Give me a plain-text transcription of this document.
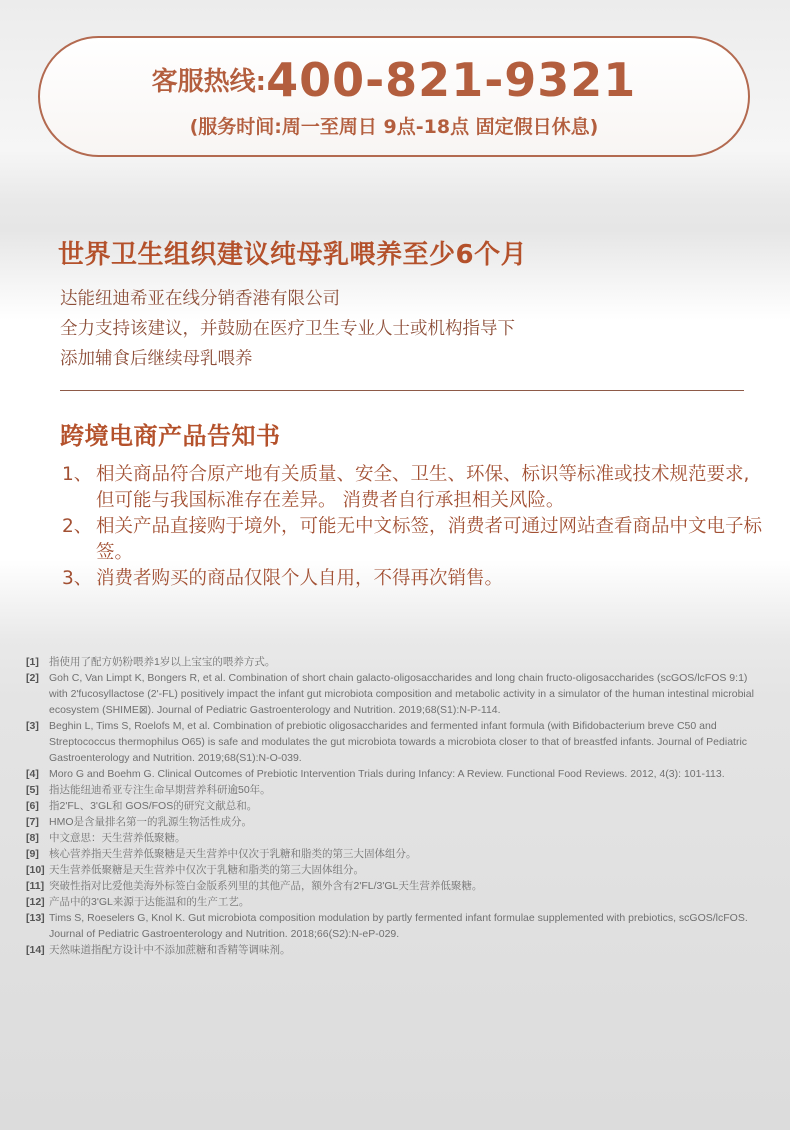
客服热线:400-821-9321
(服务时间:周一至周日 9点-18点 固定假日休息)
世界卫生组织建议纯母乳喂养至少6个月
达能纽迪希亚在线分销香港有限公司
全力支持该建议，并鼓励在医疗卫生专业人士或机构指导下
添加辅食后继续母乳喂养
跨境电商产品告知书
1、 相关商品符合原产地有关质量、安全、卫生、环保、标识等标准或技术规范要求,但可能与我国标准存在差异。 消费者自行承担相关风险。
2、 相关产品直接购于境外，可能无中文标签，消费者可通过网站查看商品中文电子标签。
3、 消费者购买的商品仅限个人自用，不得再次销售。
[1] 指使用了配方奶粉喂养1岁以上宝宝的喂养方式。
[2] Goh C, Van Limpt K, Bongers R, et al. Combination of short chain galacto-oligosaccharides and long chain fructo-oligosaccharides (scGOS/lcFOS 9:1) with 2'fucosyllactose (2'-FL) positively impact the infant gut microbiota composition and metabolic activity in a simulator of the human intestinal microbial ecosystem (SHIME⊠). Journal of Pediatric Gastroenterology and Nutrition. 2019;68(S1):N-P-114.
[3] Beghin L, Tims S, Roelofs M, et al. Combination of prebiotic oligosaccharides and fermented infant formula (with Bifidobacterium breve C50 and Streptococcus thermophilus O65) is safe and modulates the gut microbiota towards a microbiota closer to that of breastfed infants. Journal of Pediatric Gastroenterology and Nutrition. 2019;68(S1):N-O-039.
[4] Moro G and Boehm G. Clinical Outcomes of Prebiotic Intervention Trials during Infancy: A Review. Functional Food Reviews. 2012, 4(3): 101-113.
[5] 指达能纽迪希亚专注生命早期营养科研逾50年。
[6] 指2'FL、3'GL和 GOS/FOS的研究文献总和。
[7] HMO是含量排名第一的乳源生物活性成分。
[8] 中文意思：天生营养低聚糖。
[9] 核心营养指天生营养低聚糖是天生营养中仅次于乳糖和脂类的第三大固体组分。
[10] 天生营养低聚糖是天生营养中仅次于乳糖和脂类的第三大固体组分。
[11] 突破性指对比爱他美海外标签白金版系列里的其他产品，额外含有2'FL/3'GL天生营养低聚糖。
[12] 产品中的3'GL来源于达能温和的生产工艺。
[13] Tims S, Roeselers G, Knol K. Gut microbiota composition modulation by partly fermented infant formulae supplemented with prebiotics, scGOS/lcFOS. Journal of Pediatric Gastroenterology and Nutrition. 2018;66(S2):N-eP-029.
[14] 天然味道指配方设计中不添加蔗糖和香精等调味剂。
